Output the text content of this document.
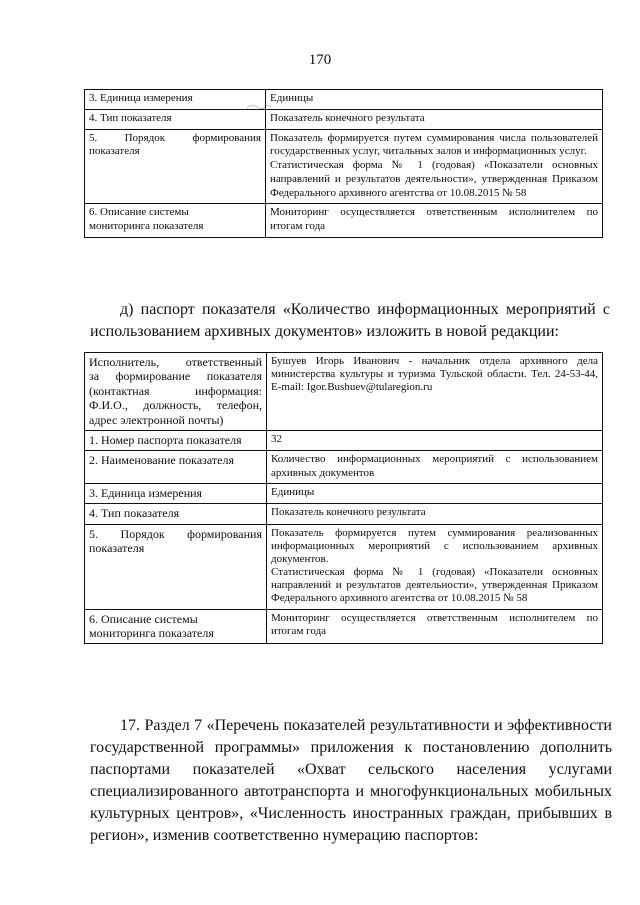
170
3. Единица измерения	Единицы
4. Тип показателя	Показатель конечного результата

5. Порядок формирования
показателя	Показатель формируется путем суммирования числа пользователей государственных услуг, читальных залов и информационных услуг.
Статистическая форма № 1 (годовая) «Показатели основных направлений и результатов деятельности», утвержденная Приказом Федерального архивного агентства от 10.08.2015 № 58

6. Описание системы
мониторинга показателя	Мониторинг осуществляется ответственным исполнителем по итогам года
д) паспорт показателя «Количество информационных мероприятий с
использованием архивных документов» изложить в новой редакции:
Исполнитель, ответственный
за формирование показателя
(контактная информация:
Ф.И.О., должность, телефон,
адрес электронной почты)	Бушуев Игорь Иванович - начальник отдела архивного дела министерства культуры и туризма Тульской области. Тел. 24-53-44, E-mail: Igor.Bushuev@tularegion.ru
1. Номер паспорта показателя	32
2. Наименование показателя	Количество информационных мероприятий с использованием архивных документов
3. Единица измерения	Единицы
4. Тип показателя	Показатель конечного результата

5. Порядок формирования
показателя	Показатель формируется путем суммирования реализованных информационных мероприятий с использованием архивных документов.
Статистическая форма № 1 (годовая) «Показатели основных направлений и результатов деятельности», утвержденная Приказом Федерального архивного агентства от 10.08.2015 № 58

6. Описание системы
мониторинга показателя	Мониторинг осуществляется ответственным исполнителем по итогам года
17. Раздел 7 «Перечень показателей результативности и эффективности
государственной программы» приложения к постановлению дополнить
паспортами показателей «Охват сельского населения услугами
специализированного автотранспорта и многофункциональных мобильных
культурных центров», «Численность иностранных граждан, прибывших в
регион», изменив соответственно нумерацию паспортов:
